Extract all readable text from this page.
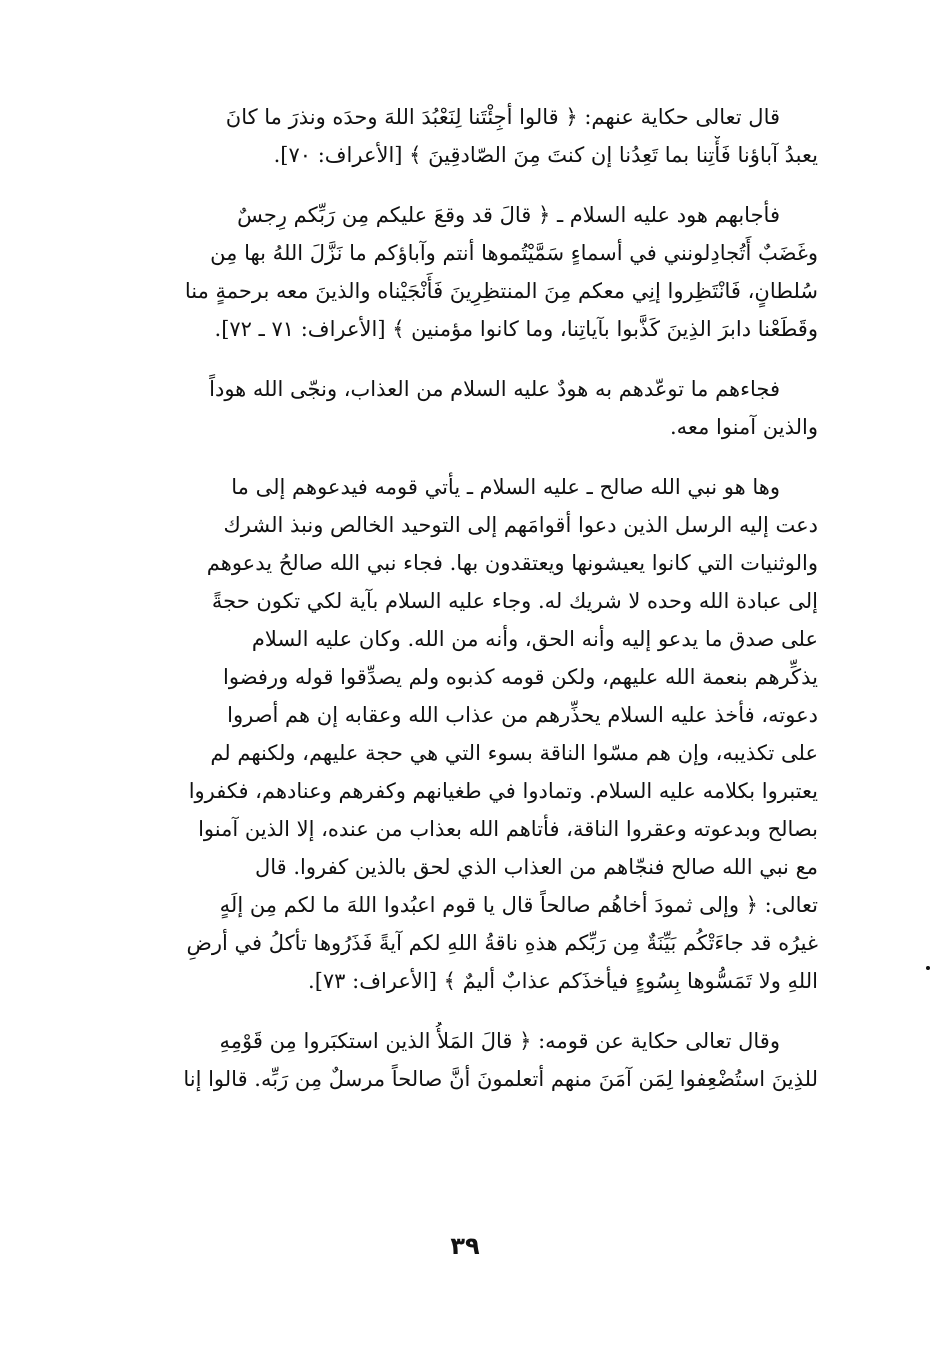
قال تعالى حكاية عنهم: ﴿ قالوا أجِئْتَنا لِنَعْبُدَ اللهَ وحدَه ونذرَ ما كانَ
يعبدُ آباؤنا فَأْتِنا بما تَعِدُنا إن كنتَ مِنَ الصّادقِينَ ﴾ [الأعراف: ٧٠].

فأجابهم هود عليه السلام ـ ﴿ قالَ قد وقعَ عليكم مِن رَبِّكم رِجسٌ
وغَضَبٌ أَتُجادِلونني في أسماءٍ سَمَّيْتُموها أنتم وآباؤكم ما نَزَّلَ اللهُ بها مِن
سُلطانٍ، فَانْتَظِروا إنِي معكم مِنَ المنتظِرِينَ فَأَنْجَيْناه والذينَ معه برحمةٍ منا
وقَطَعْنا دابرَ الذِينَ كَذَّبوا بآياتِنا، وما كانوا مؤمنين ﴾ [الأعراف: ٧١ ـ ٧٢].

فجاءهم ما توعّدهم به هودٌ عليه السلام من العذاب، ونجّى الله هوداً
والذين آمنوا معه.

وها هو نبي الله صالح ـ عليه السلام ـ يأتي قومه فيدعوهم إلى ما
دعت إليه الرسل الذين دعوا أقوامَهم إلى التوحيد الخالص ونبذ الشرك
والوثنيات التي كانوا يعيشونها ويعتقدون بها. فجاء نبي الله صالحُ يدعوهم
إلى عبادة الله وحده لا شريك له. وجاء عليه السلام بآية لكي تكون حجةً
على صدق ما يدعو إليه وأنه الحق، وأنه من الله. وكان عليه السلام
يذكِّرهم بنعمة الله عليهم، ولكن قومه كذبوه ولم يصدِّقوا قوله ورفضوا
دعوته، فأخذ عليه السلام يحذِّرهم من عذاب الله وعقابه إن هم أصروا
على تكذيبه، وإن هم مسّوا الناقة بسوء التي هي حجة عليهم، ولكنهم لم
يعتبروا بكلامه عليه السلام. وتمادوا في طغيانهم وكفرهم وعنادهم، فكفروا
بصالح وبدعوته وعقروا الناقة، فأتاهم الله بعذاب من عنده، إلا الذين آمنوا
مع نبي الله صالح فنجّاهم من العذاب الذي لحق بالذين كفروا. قال
تعالى: ﴿ وإلى ثمودَ أخاهُم صالحاً قال يا قوم اعبُدوا اللهَ ما لكم مِن إلَهٍ
غيرُه قد جاءَتْكُم بَيِّنَةٌ مِن رَبِّكم هذهِ ناقةُ اللهِ لكم آيةً فَذَرُوها تأكلُ في أرضِ
اللهِ ولا تَمَسُّوها بِسُوءٍ فيأخذَكم عذابٌ أليمٌ ﴾ [الأعراف: ٧٣].

وقال تعالى حكاية عن قومه: ﴿ قالَ المَلأُ الذين استكبَروا مِن قَوْمِهِ
للذِينَ استُضْعِفوا لِمَن آمَنَ منهم أتعلمونَ أنَّ صالحاً مرسلٌ مِن رَبِّه. قالوا إنا

٣٩
